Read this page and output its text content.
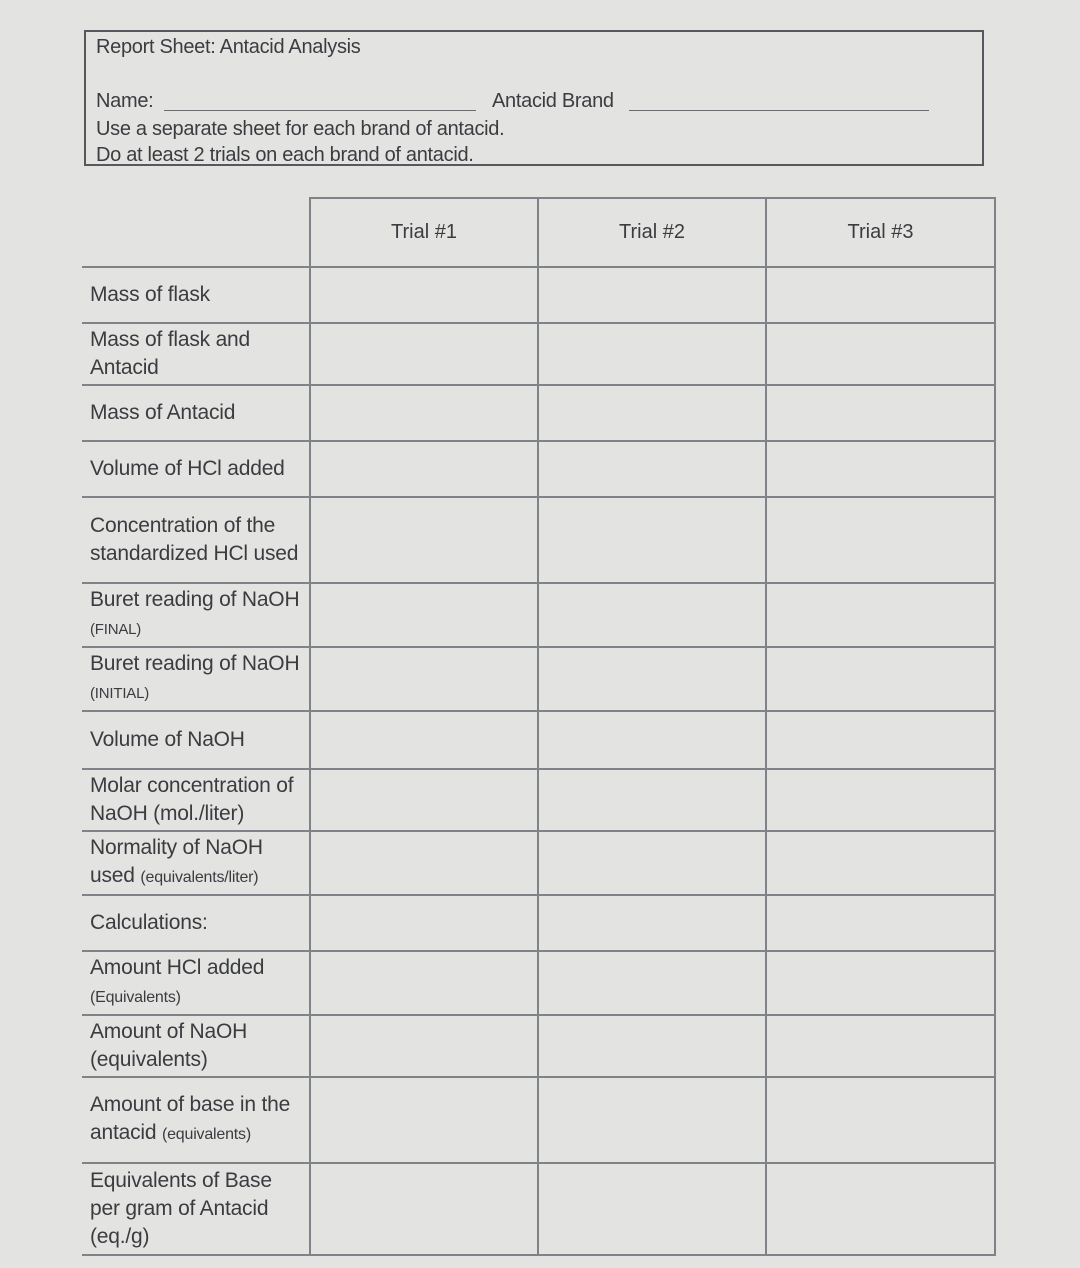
Report Sheet: Antacid Analysis
Name:	Antacid Brand
Use a separate sheet for each brand of antacid.
Do at least 2 trials on each brand of antacid.
	Trial #1	Trial #2	Trial #3
Mass of flask			
Mass of flask and Antacid			
Mass of Antacid			
Volume of HCl added			
Concentration of the standardized HCl used			
Buret reading of NaOH (FINAL)			
Buret reading of NaOH (INITIAL)			
Volume of NaOH			
Molar concentration of NaOH (mol./liter)			
Normality of NaOH used (equivalents/liter)			
Calculations:			
Amount HCl added (Equivalents)			
Amount of NaOH (equivalents)			
Amount of base in the antacid (equivalents)			
Equivalents of Base per gram of Antacid (eq./g)			
